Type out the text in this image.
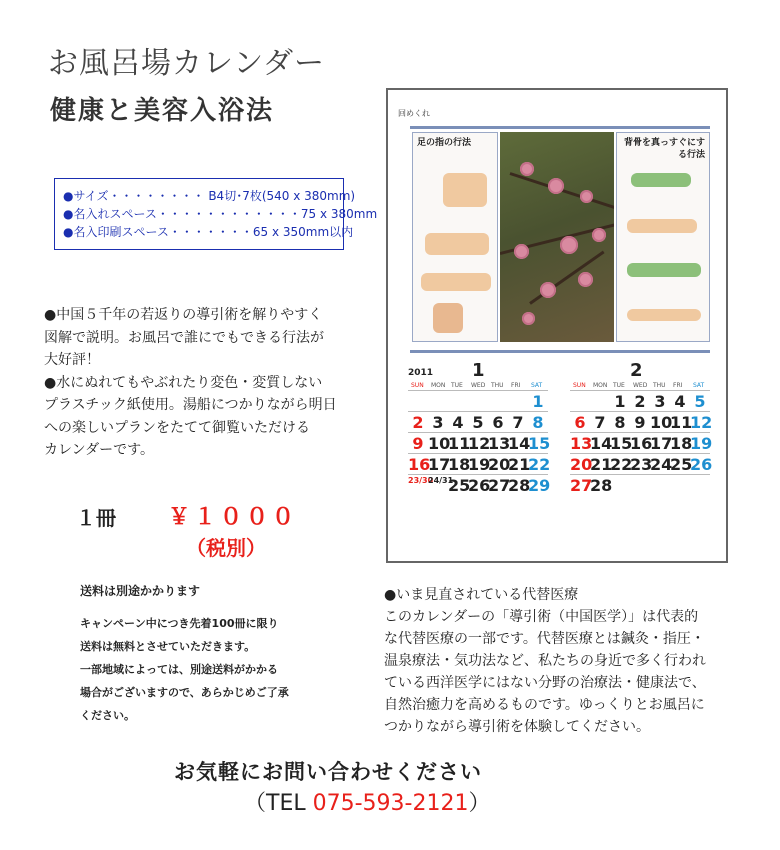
お風呂場カレンダー
健康と美容入浴法
●サイズ・・・・・・・・ B4切･7枚(540 x 380mm)
●名入れスペース・・・・・・・・・・・・75 x 380mm
●名入印刷スペース・・・・・・・65 x 350mm以内
●中国５千年の若返りの導引術を解りやすく
図解で説明。お風呂で誰にでもできる行法が
大好評！
●水にぬれてもやぶれたり変色・変質しない
プラスチック紙使用。湯船につかりながら明日
への楽しいプランをたてて御覧いただける
カレンダーです。
１冊 ￥１０００
（税別）
送料は別途かかります
キャンペーン中につき先着100冊に限り
送料は無料とさせていただきます。
一部地域によっては、別途送料がかかる
場合がございますので、あらかじめご了承
ください。
回めくれ
足の指の行法	背骨を真っすぐにする行法
2011 1
SUN MON TUE WED THU FRI SAT
1
2 3 4 5 6 7 8
9 10
11
12
13
14
15
16
17
18
19
20
21
22
23/30
24/31
25
26
27
28
29
2
SUN MON TUE WED THU FRI SAT
1 2 3 4 5
6 7 8 9 10
11
12
13
14
15
16
17
18
19
20
21
22
23
24
25
26
27
28
●いま見直されている代替医療
このカレンダーの「導引術（中国医学）」は代表的
な代替医療の一部です。代替医療とは鍼灸・指圧・
温泉療法・気功法など、私たちの身近で多く行われ
ている西洋医学にはない分野の治療法・健康法で、
自然治癒力を高めるものです。ゆっくりとお風呂に
つかりながら導引術を体験してください。
お気軽にお問い合わせください
（TEL 075-593-2121）
